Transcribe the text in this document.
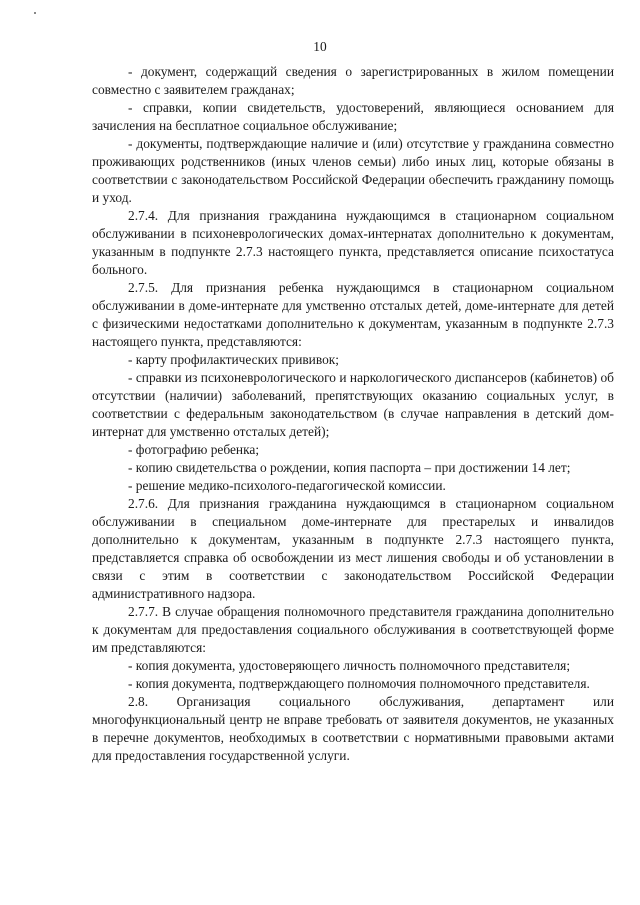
10

- документ, содержащий сведения о зарегистрированных в жилом помещении совместно с заявителем гражданах;

- справки, копии свидетельств, удостоверений, являющиеся основанием для зачисления на бесплатное социальное обслуживание;

- документы, подтверждающие наличие и (или) отсутствие у гражданина совместно проживающих родственников (иных членов семьи) либо иных лиц, которые обязаны в соответствии с законодательством Российской Федерации обеспечить гражданину помощь и уход.

2.7.4. Для признания гражданина нуждающимся в стационарном социальном обслуживании в психоневрологических домах-интернатах дополнительно к документам, указанным в подпункте 2.7.3 настоящего пункта, представляется описание психостатуса больного.

2.7.5. Для признания ребенка нуждающимся в стационарном социальном обслуживании в доме-интернате для умственно отсталых детей, доме-интернате для детей с физическими недостатками дополнительно к документам, указанным в подпункте 2.7.3 настоящего пункта, представляются:

- карту профилактических прививок;

- справки из психоневрологического и наркологического диспансеров (кабинетов) об отсутствии (наличии) заболеваний, препятствующих оказанию социальных услуг, в соответствии с федеральным законодательством (в случае направления в детский дом-интернат для умственно отсталых детей);

- фотографию ребенка;

- копию свидетельства о рождении, копия паспорта – при достижении 14 лет;

- решение медико-психолого-педагогической комиссии.

2.7.6. Для признания гражданина нуждающимся в стационарном социальном обслуживании в специальном доме-интернате для престарелых и инвалидов дополнительно к документам, указанным в подпункте 2.7.3 настоящего пункта, представляется справка об освобождении из мест лишения свободы и об установлении в связи с этим в соответствии с законодательством Российской Федерации административного надзора.

2.7.7. В случае обращения полномочного представителя гражданина дополнительно к документам для предоставления социального обслуживания в соответствующей форме им представляются:

- копия документа, удостоверяющего личность полномочного представителя;

- копия документа, подтверждающего полномочия полномочного представителя.

2.8. Организация социального обслуживания, департамент или многофункциональный центр не вправе требовать от заявителя документов, не указанных в перечне документов, необходимых в соответствии с нормативными правовыми актами для предоставления государственной услуги.
